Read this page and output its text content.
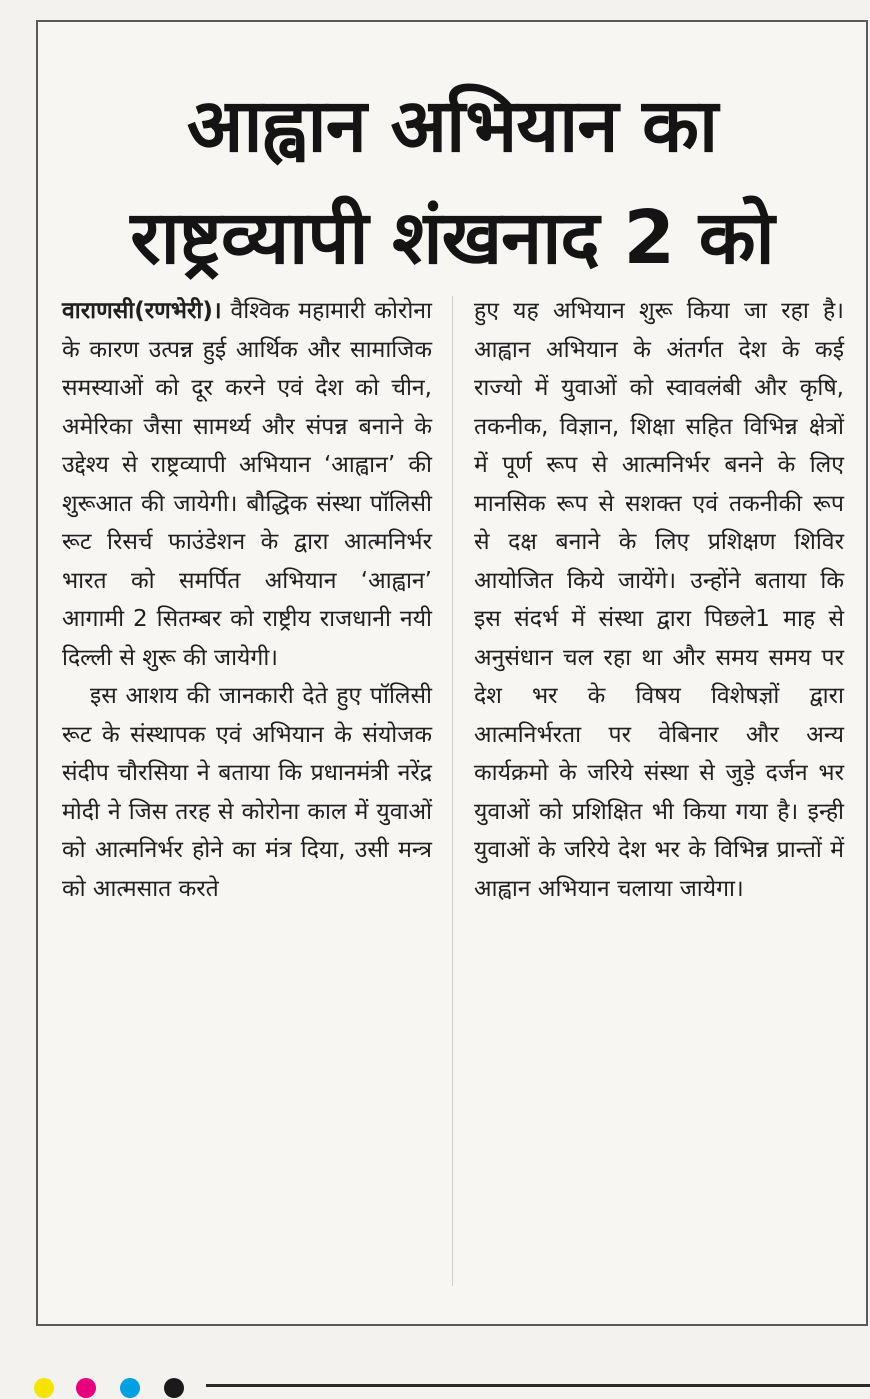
आह्वान अभियान का
राष्ट्रव्यापी शंखनाद 2 को

वाराणसी(रणभेरी)। वैश्विक महामारी कोरोना के कारण उत्पन्न हुई आर्थिक और सामाजिक समस्याओं को दूर करने एवं देश को चीन, अमेरिका जैसा सामर्थ्य और संपन्न बनाने के उद्देश्य से राष्ट्रव्यापी अभियान ‘आह्वान’ की शुरूआत की जायेगी। बौद्धिक संस्था पॉलिसी रूट रिसर्च फाउंडेशन के द्वारा आत्मनिर्भर भारत को समर्पित अभियान ‘आह्वान’ आगामी 2 सितम्बर को राष्ट्रीय राजधानी नयी दिल्ली से शुरू की जायेगी।

इस आशय की जानकारी देते हुए पॉलिसी रूट के संस्थापक एवं अभियान के संयोजक संदीप चौरसिया ने बताया कि प्रधानमंत्री नरेंद्र मोदी ने जिस तरह से कोरोना काल में युवाओं को आत्मनिर्भर होने का मंत्र दिया, उसी मन्त्र को आत्मसात करते

हुए यह अभियान शुरू किया जा रहा है। आह्वान अभियान के अंतर्गत देश के कई राज्यो में युवाओं को स्वावलंबी और कृषि, तकनीक, विज्ञान, शिक्षा सहित विभिन्न क्षेत्रों में पूर्ण रूप से आत्मनिर्भर बनने के लिए मानसिक रूप से सशक्त एवं तकनीकी रूप से दक्ष बनाने के लिए प्रशिक्षण शिविर आयोजित किये जायेंगे। उन्होंने बताया कि इस संदर्भ में संस्था द्वारा पिछले1 माह से अनुसंधान चल रहा था और समय समय पर देश भर के विषय विशेषज्ञों द्वारा आत्मनिर्भरता पर वेबिनार और अन्य कार्यक्रमो के जरिये संस्था से जुड़े दर्जन भर युवाओं को प्रशिक्षित भी किया गया है। इन्ही युवाओं के जरिये देश भर के विभिन्न प्रान्तों में आह्वान अभियान चलाया जायेगा।
